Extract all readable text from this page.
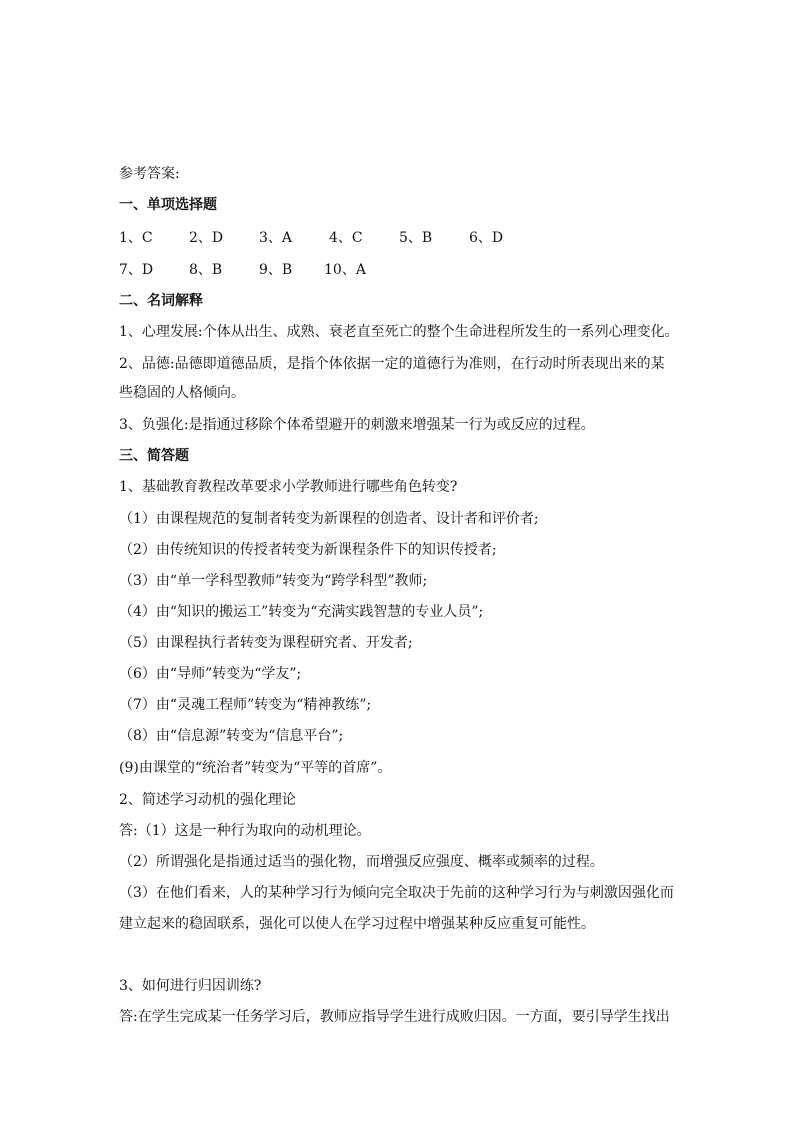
参考答案:
一、单项选择题
1、C	2、D	3、A	4、C	5、B	6、D
7、D	8、B	9、B 10、A
二、名词解释
1、心理发展:个体从出生、成熟、衰老直至死亡的整个生命进程所发生的一系列心理变化。
2、品德:品德即道德品质，是指个体依据一定的道德行为准则，在行动时所表现出来的某
些稳固的人格倾向。
3、负强化:是指通过移除个体希望避开的刺激来增强某一行为或反应的过程。
三、简答题
1、基础教育教程改革要求小学教师进行哪些角色转变?
（1）由课程规范的复制者转变为新课程的创造者、设计者和评价者;
（2）由传统知识的传授者转变为新课程条件下的知识传授者;
（3）由“单一学科型教师”转变为“跨学科型”教师;
（4）由“知识的搬运工”转变为“充满实践智慧的专业人员”;
（5）由课程执行者转变为课程研究者、开发者;
（6）由“导师”转变为“学友”;
（7）由“灵魂工程师”转变为“精神教练”;
（8）由“信息源”转变为“信息平台”;
(9)由课堂的“统治者”转变为“平等的首席”。
2、简述学习动机的强化理论
答:（1）这是一种行为取向的动机理论。
（2）所谓强化是指通过适当的强化物，而增强反应强度、概率或频率的过程。
（3）在他们看来，人的某种学习行为倾向完全取决于先前的这种学习行为与刺激因强化而
建立起来的稳固联系，强化可以使人在学习过程中增强某种反应重复可能性。
3、如何进行归因训练?
答:在学生完成某一任务学习后，教师应指导学生进行成败归因。一方面，要引导学生找出
